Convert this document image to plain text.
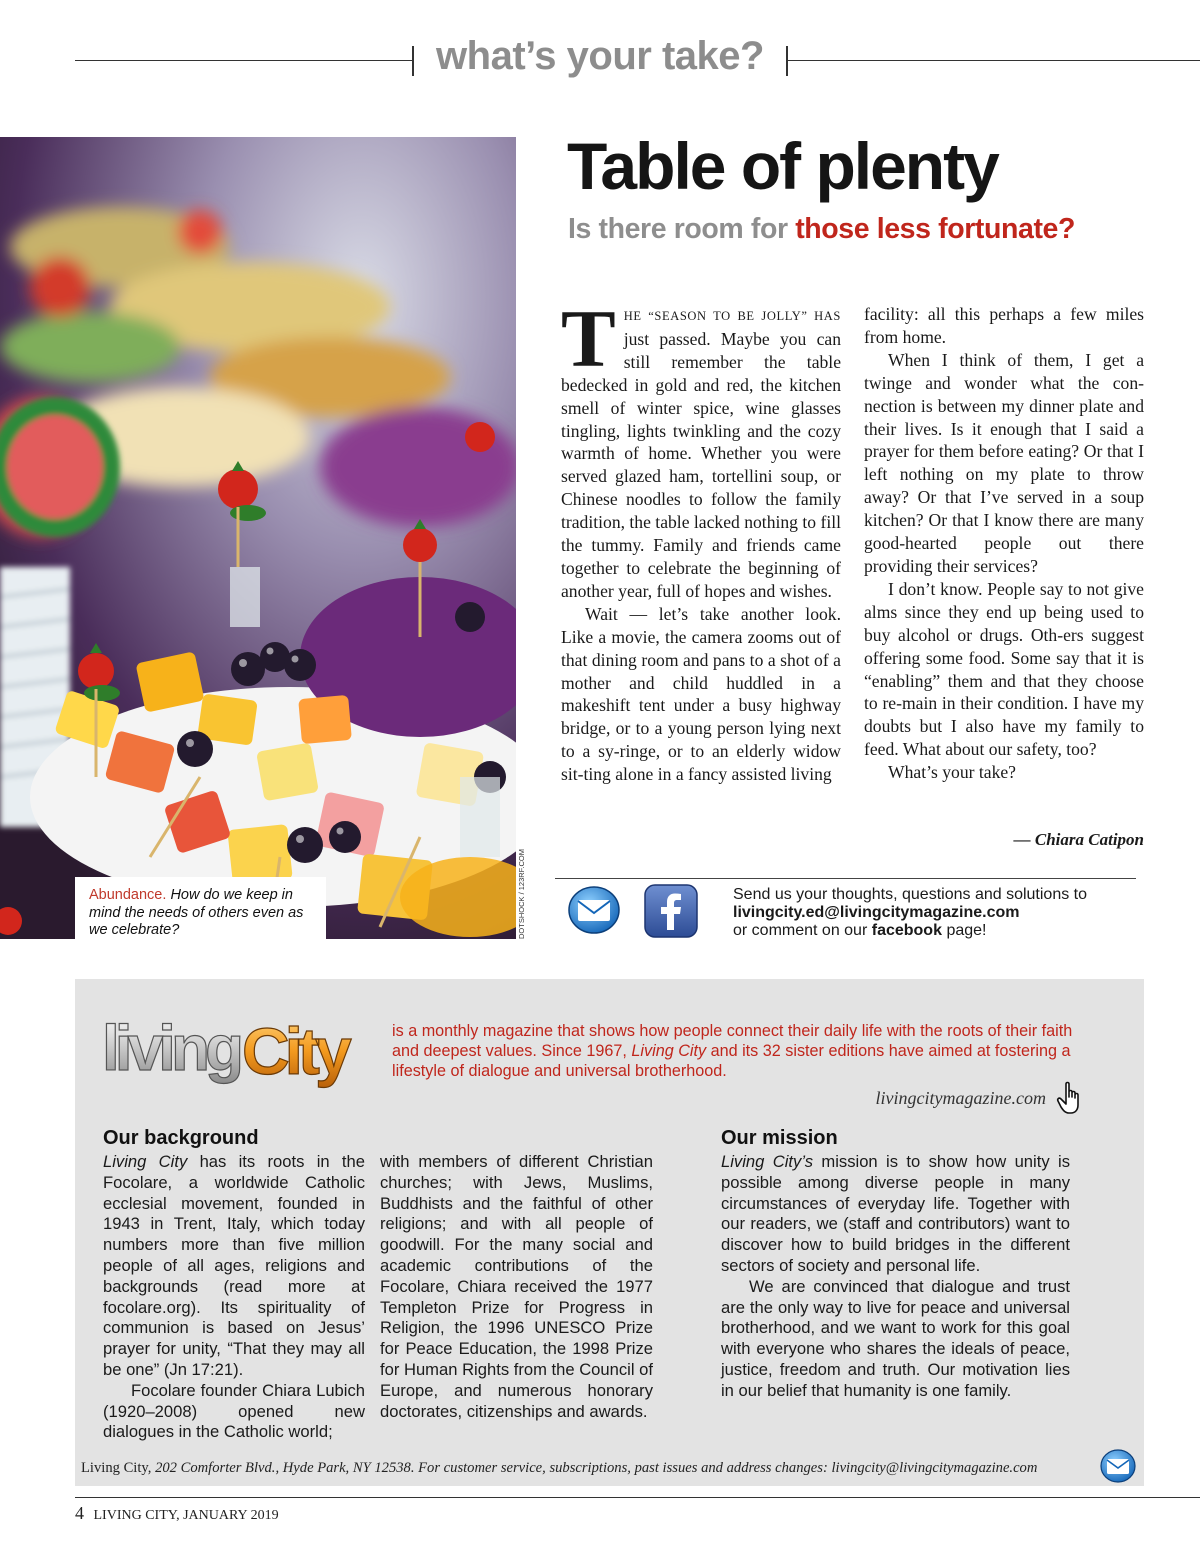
what’s your take?
DOTSHOCK / 123RF.COM
Abundance. How do we keep in mind the needs of others even as we celebrate?
Table of plenty
Is there room for those less fortunate?

THE “SEASON TO BE JOLLY” HAS just passed. Maybe you can still remember the table bedecked in gold and red, the kitchen smell of winter spice, wine glasses tingling, lights twinkling and the cozy warmth of home. Whether you were served glazed ham, tortellini soup, or Chinese noodles to follow the family tradition, the table lacked nothing to fill the tummy. Family and friends came together to celebrate the beginning of another year, full of hopes and wishes.

Wait — let’s take another look. Like a movie, the camera zooms out of that dining room and pans to a shot of a mother and child huddled in a makeshift tent under a busy highway bridge, or to a young person lying next to a sy-ringe, or to an elderly widow sit-ting alone in a fancy assisted living

facility: all this perhaps a few miles from home.

When I think of them, I get a twinge and wonder what the con-nection is between my dinner plate and their lives. Is it enough that I said a prayer for them before eating? Or that I left nothing on my plate to throw away? Or that I’ve served in a soup kitchen? Or that I know there are many good-hearted people out there providing their services?

I don’t know. People say to not give alms since they end up being used to buy alcohol or drugs. Oth-ers suggest offering some food. Some say that it is “enabling” them and that they choose to re-main in their condition. I have my doubts but I also have my family to feed. What about our safety, too?

What’s your take?

— Chiara Catipon
Send us your thoughts, questions and solutions to
livingcity.ed@livingcitymagazine.com
or comment on our facebook page!
living City	is a monthly magazine that shows how people connect their daily life with the roots of their faith and deepest values. Since 1967, Living City and its 32 sister editions have aimed at fostering a lifestyle of dialogue and universal brotherhood.
livingcitymagazine.com
Our background

Living City has its roots in the Focolare, a worldwide Catholic ecclesial movement, founded in 1943 in Trent, Italy, which today numbers more than five million people of all ages, religions and backgrounds (read more at focolare.org). Its spirituality of communion is based on Jesus’ prayer for unity, “That they may all be one” (Jn 17:21).

Focolare founder Chiara Lubich (1920–2008) opened new dialogues in the Catholic world;

with members of different Christian churches; with Jews, Muslims, Buddhists and the faithful of other religions; and with all people of goodwill. For the many social and academic contributions of the Focolare, Chiara received the 1977 Templeton Prize for Progress in Religion, the 1996 UNESCO Prize for Peace Education, the 1998 Prize for Human Rights from the Council of Europe, and numerous honorary doctorates, citizenships and awards.

Our mission

Living City’s mission is to show how unity is possible among diverse people in many circumstances of everyday life. Together with our readers, we (staff and contributors) want to discover how to build bridges in the different sectors of society and personal life.

We are convinced that dialogue and trust are the only way to live for peace and universal brotherhood, and we want to work for this goal with everyone who shares the ideals of peace, justice, freedom and truth. Our motivation lies in our belief that humanity is one family.

Living City, 202 Comforter Blvd., Hyde Park, NY 12538. For customer service, subscriptions, past issues and address changes: livingcity@livingcitymagazine.com
4 LIVING CITY, JANUARY 2019
